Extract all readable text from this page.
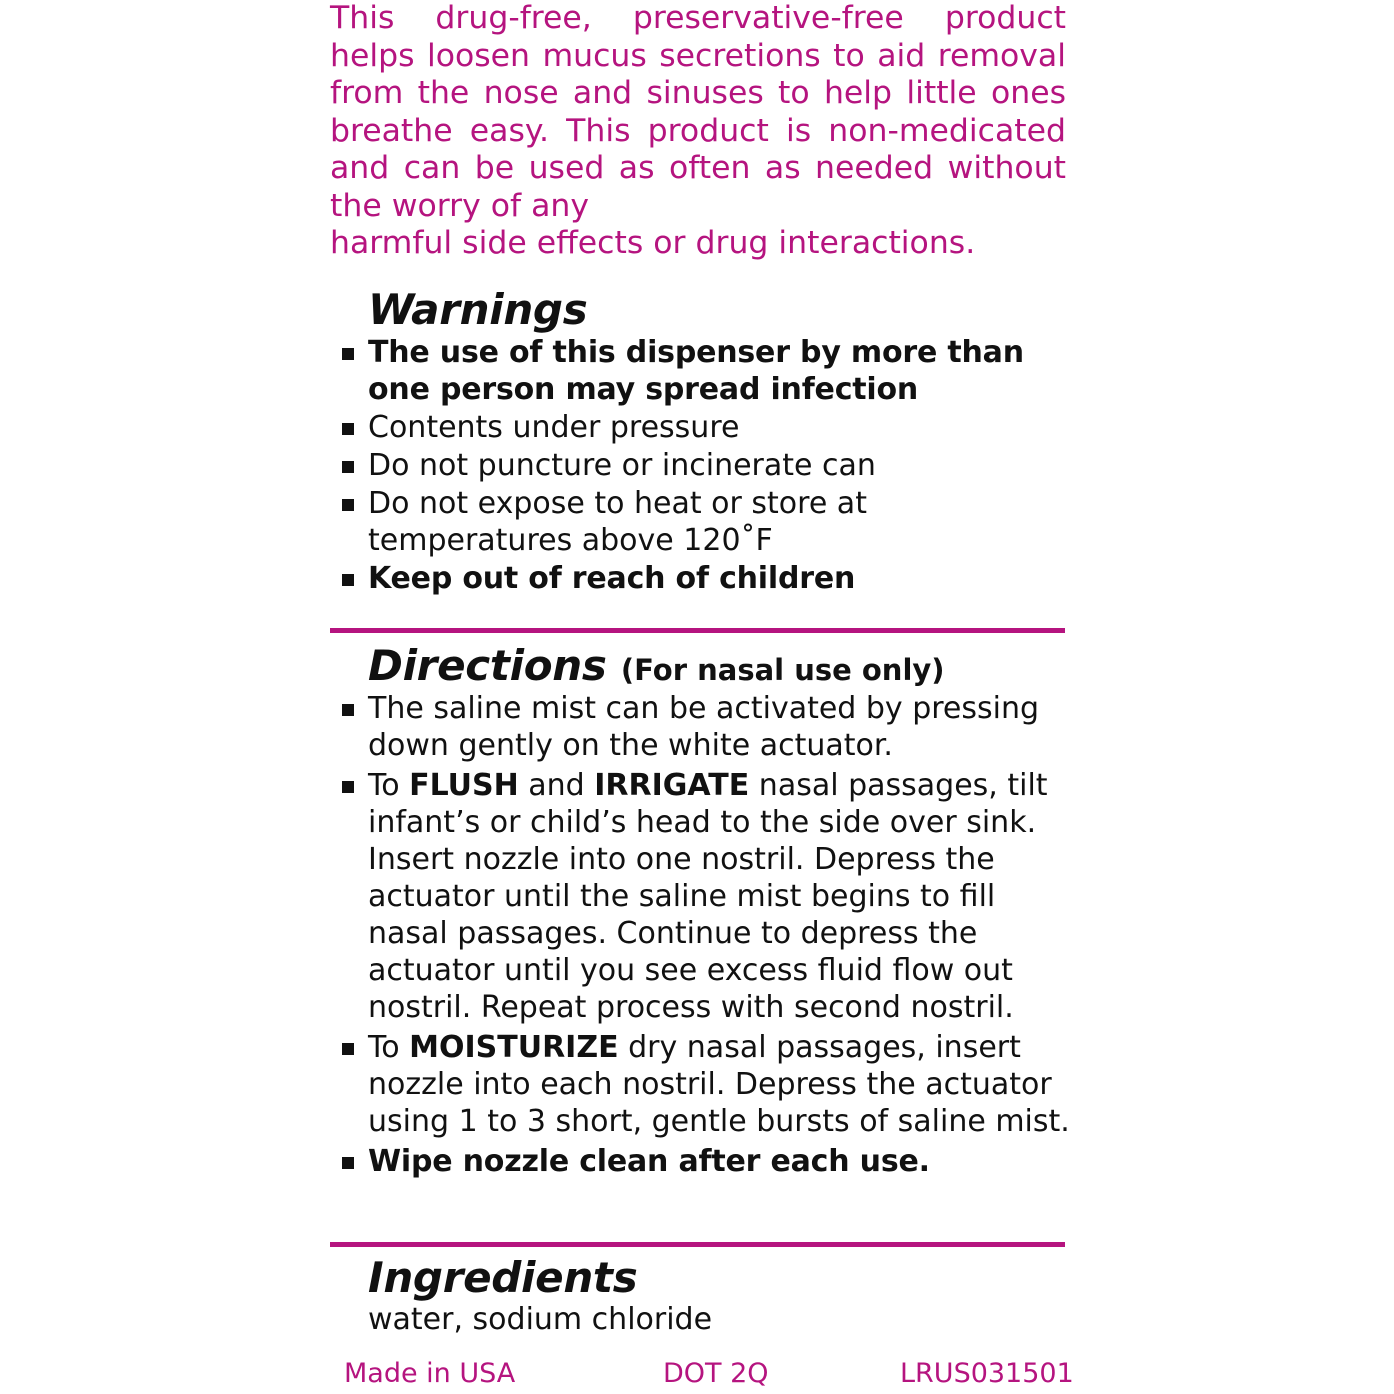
This drug-free, preservative-free product helps loosen mucus secretions to aid removal from the nose and sinuses to help little ones breathe easy. This product is non-medicated and can be used as often as needed without the worry of any
harmful side effects or drug interactions.
Warnings
The use of this dispenser by more than one person may spread infection
Contents under pressure
Do not puncture or incinerate can
Do not expose to heat or store at temperatures above 120˚F
Keep out of reach of children
Directions (For nasal use only)
The saline mist can be activated by pressing down gently on the white actuator.
To FLUSH and IRRIGATE nasal passages, tilt infant’s or child’s head to the side over sink. Insert nozzle into one nostril. Depress the actuator until the saline mist begins to fill nasal passages. Continue to depress the actuator until you see excess fluid flow out nostril. Repeat process with second nostril.
To MOISTURIZE dry nasal passages, insert nozzle into each nostril. Depress the actuator using 1 to 3 short, gentle bursts of saline mist.
Wipe nozzle clean after each use.
Ingredients
water, sodium chloride
Made in USA	DOT 2Q	LRUS031501
